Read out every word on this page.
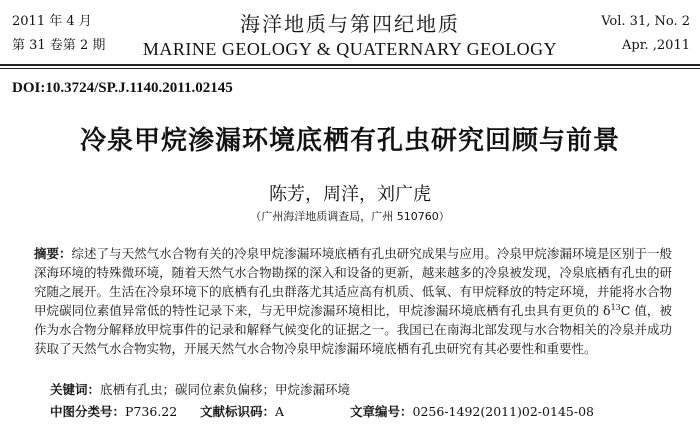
2011 年 4 月
第 31 卷第 2 期
海洋地质与第四纪地质
MARINE GEOLOGY & QUATERNARY GEOLOGY
Vol. 31, No. 2
Apr. ,2011
DOI:10.3724/SP.J.1140.2011.02145
冷泉甲烷渗漏环境底栖有孔虫研究回顾与前景
陈芳，周洋，刘广虎
（广州海洋地质调查局，广州 510760）
摘要：综述了与天然气水合物有关的冷泉甲烷渗漏环境底栖有孔虫研究成果与应用。冷泉甲烷渗漏环境是区别于一般深海环境的特殊微环境，随着天然气水合物勘探的深入和设备的更新，越来越多的冷泉被发现，冷泉底栖有孔虫的研究随之展开。生活在冷泉环境下的底栖有孔虫群落尤其适应高有机质、低氧、有甲烷释放的特定环境，并能将水合物甲烷碳同位素值异常低的特性记录下来，与无甲烷渗漏环境相比，甲烷渗漏环境底栖有孔虫具有更负的 $\delta^{13}C$ 值，被作为水合物分解释放甲烷事件的记录和解释气候变化的证据之一。我国已在南海北部发现与水合物相关的冷泉并成功获取了天然气水合物实物，开展天然气水合物冷泉甲烷渗漏环境底栖有孔虫研究有其必要性和重要性。
关键词：底栖有孔虫；碳同位素负偏移；甲烷渗漏环境
中图分类号：P736.22 文献标识码：A	文章编号：0256-1492(2011)02-0145-08
